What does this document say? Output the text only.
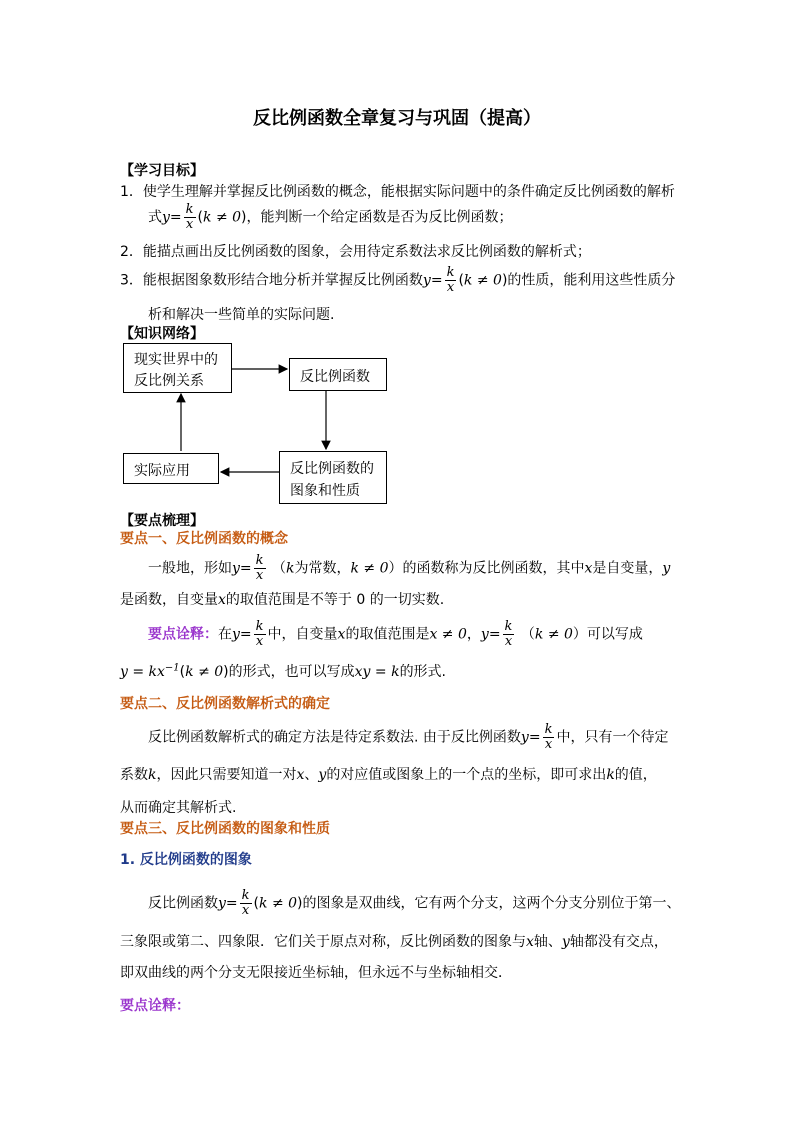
反比例函数全章复习与巩固（提高）
【学习目标】
1．使学生理解并掌握反比例函数的概念，能根据实际问题中的条件确定反比例函数的解析
式$y= \frac{k}{x} (k \ne 0)$，能判断一个给定函数是否为反比例函数；
2．能描点画出反比例函数的图象，会用待定系数法求反比例函数的解析式；
3．能根据图象数形结合地分析并掌握反比例函数$y= \frac{k}{x} (k \ne 0)$的性质，能利用这些性质分
析和解决一些简单的实际问题.
【知识网络】
现实世界中的
反比例关系	反比例函数
反比例函数的
图象和性质
实际应用
【要点梳理】
要点一、反比例函数的概念
一般地，形如$y= \frac{k}{x} (k$为常数，k ≠ 0）的函数称为反比例函数，其中x是自变量，y
是函数，自变量x的取值范围是不等于 0 的一切实数.
要点诠释：在$y= \frac{k}{x}$ 中，自变量x的取值范围是x ≠ 0，$y= \frac{k}{x} (k \ne 0)$可以写成
$y = kx^{-1}(k \ne 0)$的形式，也可以写成xy = k的形式.
要点二、反比例函数解析式的确定
反比例函数解析式的确定方法是待定系数法. 由于反比例函数$y= \frac{k}{x}$ 中，只有一个待定
系数k，因此只需要知道一对x、y的对应值或图象上的一个点的坐标，即可求出k的值，
从而确定其解析式.
要点三、反比例函数的图象和性质
1. 反比例函数的图象
反比例函数$y= \frac{k}{x} (k \ne 0)$的图象是双曲线，它有两个分支，这两个分支分别位于第一、
三象限或第二、四象限．它们关于原点对称，反比例函数的图象与x轴、y轴都没有交点，
即双曲线的两个分支无限接近坐标轴，但永远不与坐标轴相交．
要点诠释：
